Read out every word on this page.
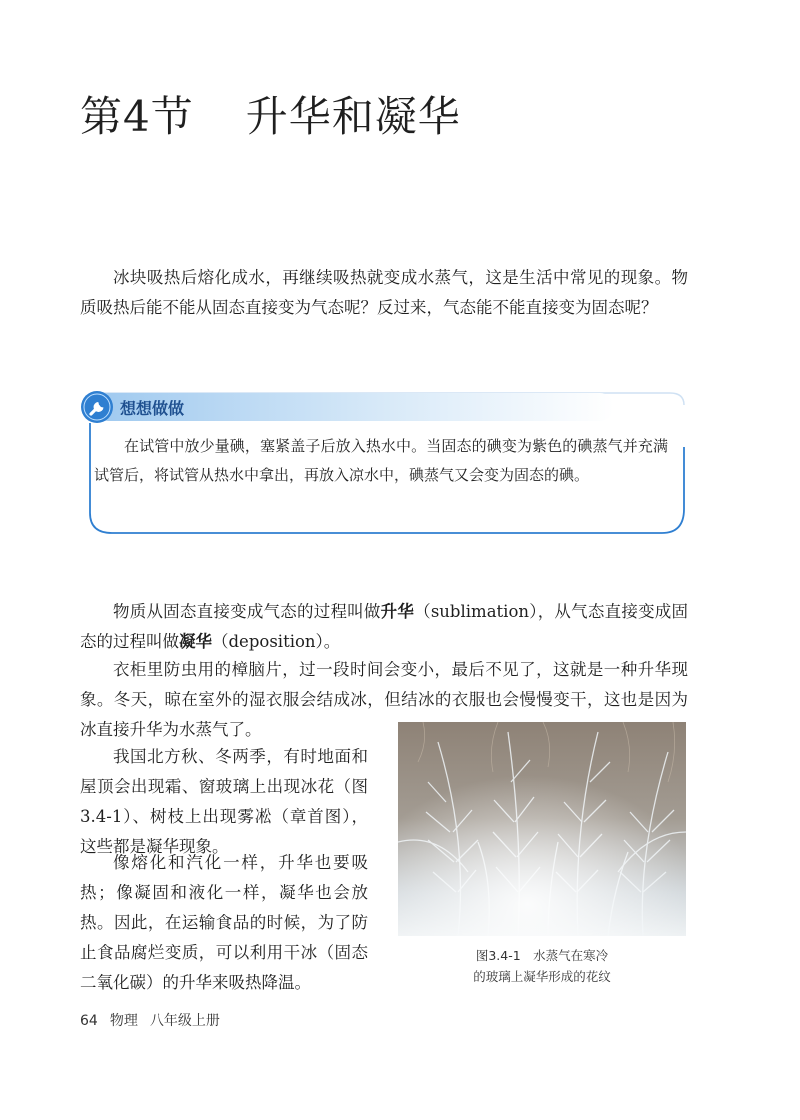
第4节 升华和凝华

冰块吸热后熔化成水，再继续吸热就变成水蒸气，这是生活中常见的现象。物质吸热后能不能从固态直接变为气态呢？反过来，气态能不能直接变为固态呢？

想想做做

在试管中放少量碘，塞紧盖子后放入热水中。当固态的碘变为紫色的碘蒸气并充满试管后，将试管从热水中拿出，再放入凉水中，碘蒸气又会变为固态的碘。

物质从固态直接变成气态的过程叫做升华（sublimation），从气态直接变成固态的过程叫做凝华（deposition）。

衣柜里防虫用的樟脑片，过一段时间会变小，最后不见了，这就是一种升华现象。冬天，晾在室外的湿衣服会结成冰，但结冰的衣服也会慢慢变干，这也是因为冰直接升华为水蒸气了。

我国北方秋、冬两季，有时地面和屋顶会出现霜、窗玻璃上出现冰花（图3.4-1）、树枝上出现雾凇（章首图），这些都是凝华现象。

像熔化和汽化一样，升华也要吸热；像凝固和液化一样，凝华也会放热。因此，在运输食品的时候，为了防止食品腐烂变质，可以利用干冰（固态二氧化碳）的升华来吸热降温。

图3.4-1　水蒸气在寒冷
的玻璃上凝华形成的花纹
64 物理 八年级上册
